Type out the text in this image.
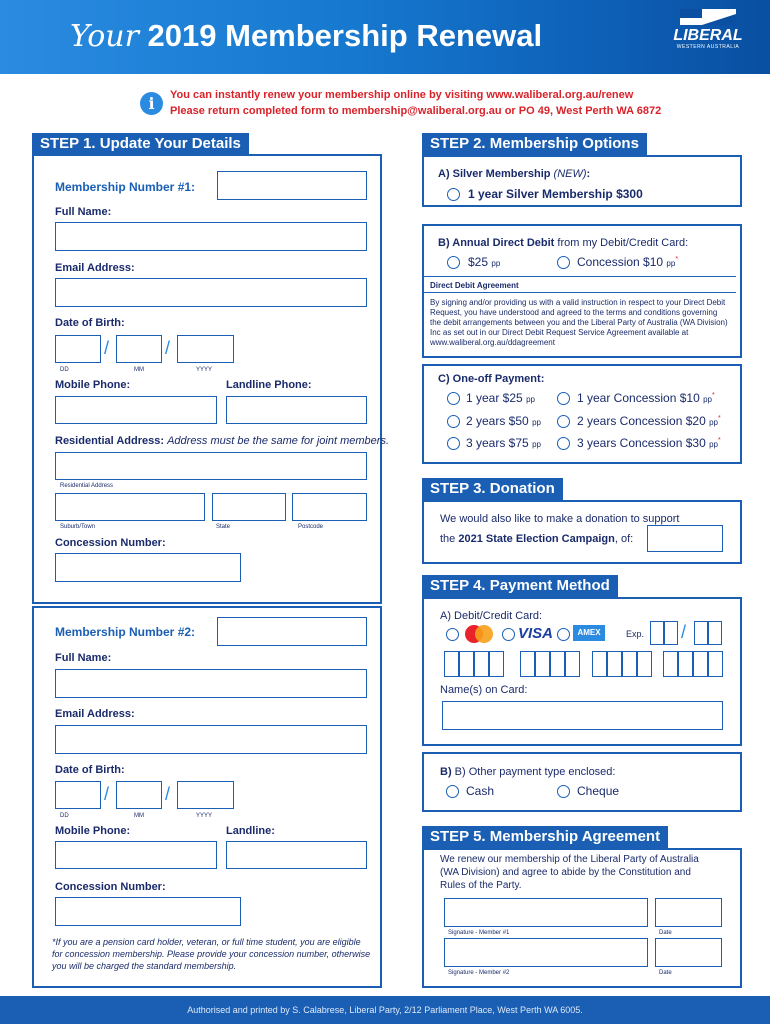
Your 2019 Membership Renewal	LIBERAL
WESTERN AUSTRALIA
i	You can instantly renew your membership online by visiting www.waliberal.org.au/renew
Please return completed form to membership@waliberal.org.au or PO 49, West Perth WA 6872
STEP 1. Update Your Details
Membership Number #1:
Full Name:
Email Address:
Date of Birth:
/	/
DD	MM	YYYY
Mobile Phone:	Landline Phone:
Residential Address: Address must be the same for joint members.
Residential Address
Suburb/Town	State	Postcode
Concession Number:
Membership Number #2:
Full Name:
Email Address:
Date of Birth:
/	/
DD	MM	YYYY
Mobile Phone:	Landline:
Concession Number:
*If you are a pension card holder, veteran, or full time student, you are eligible for concession membership. Please provide your concession number, otherwise you will be charged the standard membership.
STEP 2. Membership Options
A) Silver Membership (NEW):
1 year Silver Membership $300
B) Annual Direct Debit from my Debit/Credit Card:
$25 pp	Concession $10 pp*
Direct Debit Agreement
By signing and/or providing us with a valid instruction in respect to your Direct Debit Request, you have understood and agreed to the terms and conditions governing the debit arrangements between you and the Liberal Party of Australia (WA Division) Inc as set out in our Direct Debit Request Service Agreement available at www.waliberal.org.au/ddagreement
C) One-off Payment:
1 year $25 pp	1 year Concession $10 pp*
2 years $50 pp	2 years Concession $20 pp*
3 years $75 pp	3 years Concession $30 pp*
STEP 3. Donation
We would also like to make a donation to support
the 2021 State Election Campaign, of:
STEP 4. Payment Method
A) Debit/Credit Card:
VISA	AMEX	Exp. /
Name(s) on Card:
B) B) Other payment type enclosed:
Cash	Cheque
STEP 5. Membership Agreement
We renew our membership of the Liberal Party of Australia (WA Division) and agree to abide by the Constitution and Rules of the Party.
Signature - Member #1	Date
Signature - Member #2	Date
Authorised and printed by S. Calabrese, Liberal Party, 2/12 Parliament Place, West Perth WA 6005.
